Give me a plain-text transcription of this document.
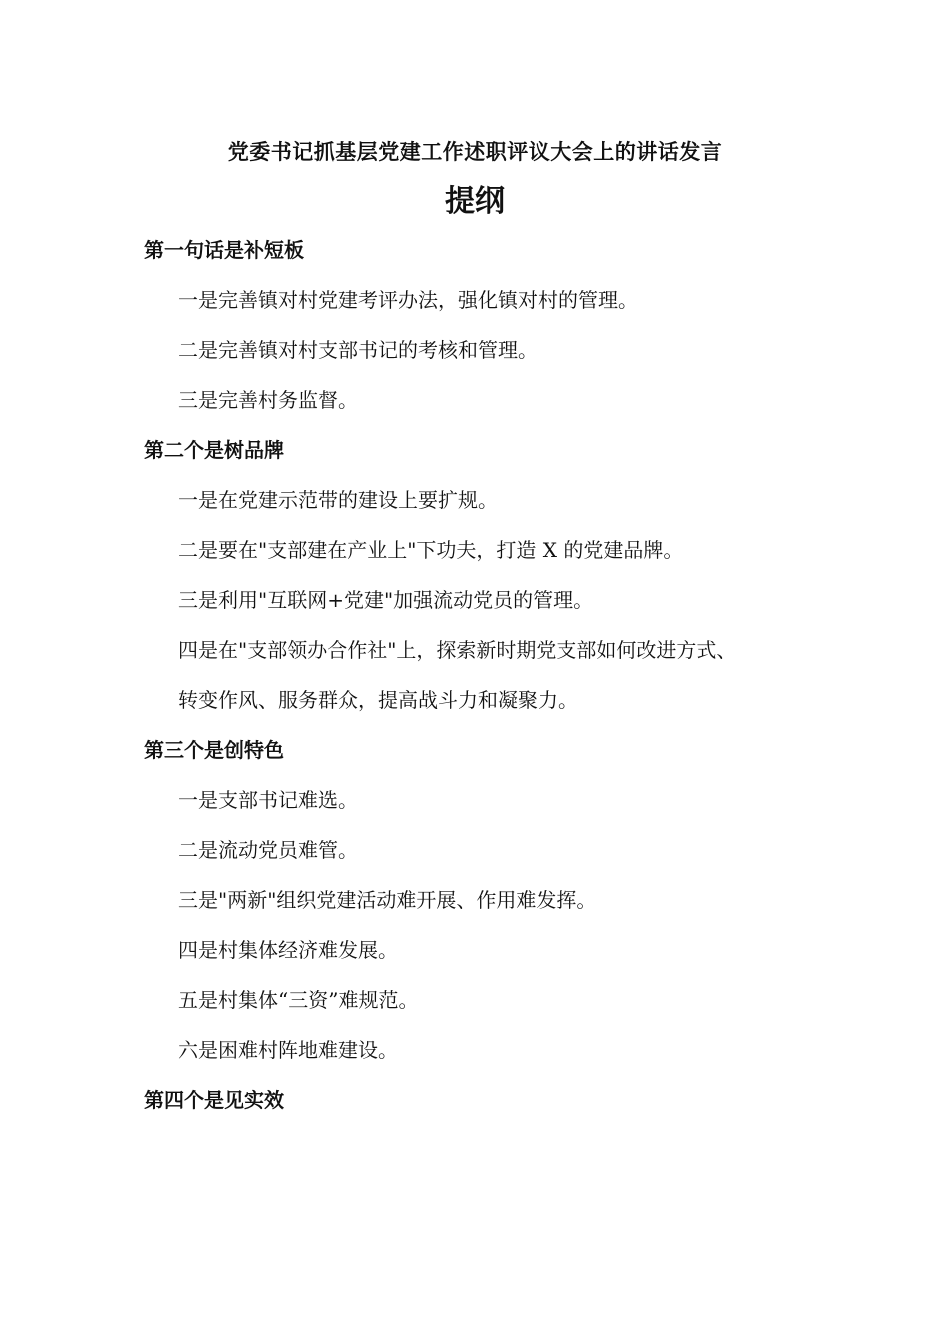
党委书记抓基层党建工作述职评议大会上的讲话发言
提纲
第一句话是补短板
一是完善镇对村党建考评办法，强化镇对村的管理。
二是完善镇对村支部书记的考核和管理。
三是完善村务监督。
第二个是树品牌
一是在党建示范带的建设上要扩规。
二是要在"支部建在产业上"下功夫，打造 X 的党建品牌。
三是利用"互联网+党建"加强流动党员的管理。
四是在"支部领办合作社"上，探索新时期党支部如何改进方式、
转变作风、服务群众，提高战斗力和凝聚力。
第三个是创特色
一是支部书记难选。
二是流动党员难管。
三是"两新"组织党建活动难开展、作用难发挥。
四是村集体经济难发展。
五是村集体“三资”难规范。
六是困难村阵地难建设。
第四个是见实效
